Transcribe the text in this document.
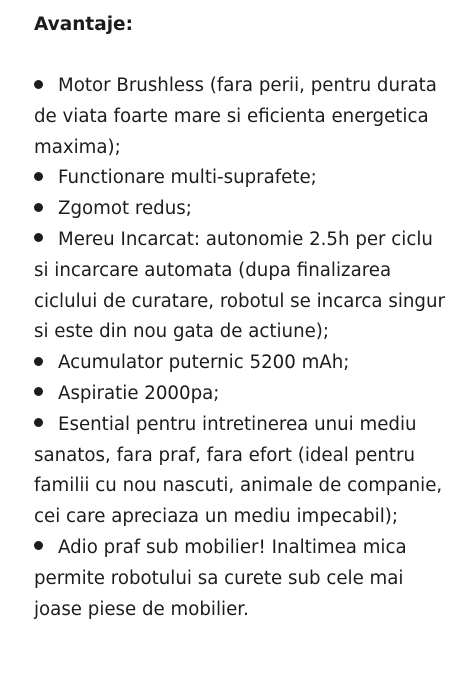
Avantaje:
Motor Brushless (fara perii, pentru durata de viata foarte mare si eficienta energetica maxima);
Functionare multi-suprafete;
Zgomot redus;
Mereu Incarcat: autonomie 2.5h per ciclu si incarcare automata (dupa finalizarea ciclului de curatare, robotul se incarca singur si este din nou gata de actiune);
Acumulator puternic 5200 mAh;
Aspiratie 2000pa;
Esential pentru intretinerea unui mediu sanatos, fara praf, fara efort (ideal pentru familii cu nou nascuti, animale de companie, cei care apreciaza un mediu impecabil);
Adio praf sub mobilier! Inaltimea mica permite robotului sa curete sub cele mai joase piese de mobilier.
